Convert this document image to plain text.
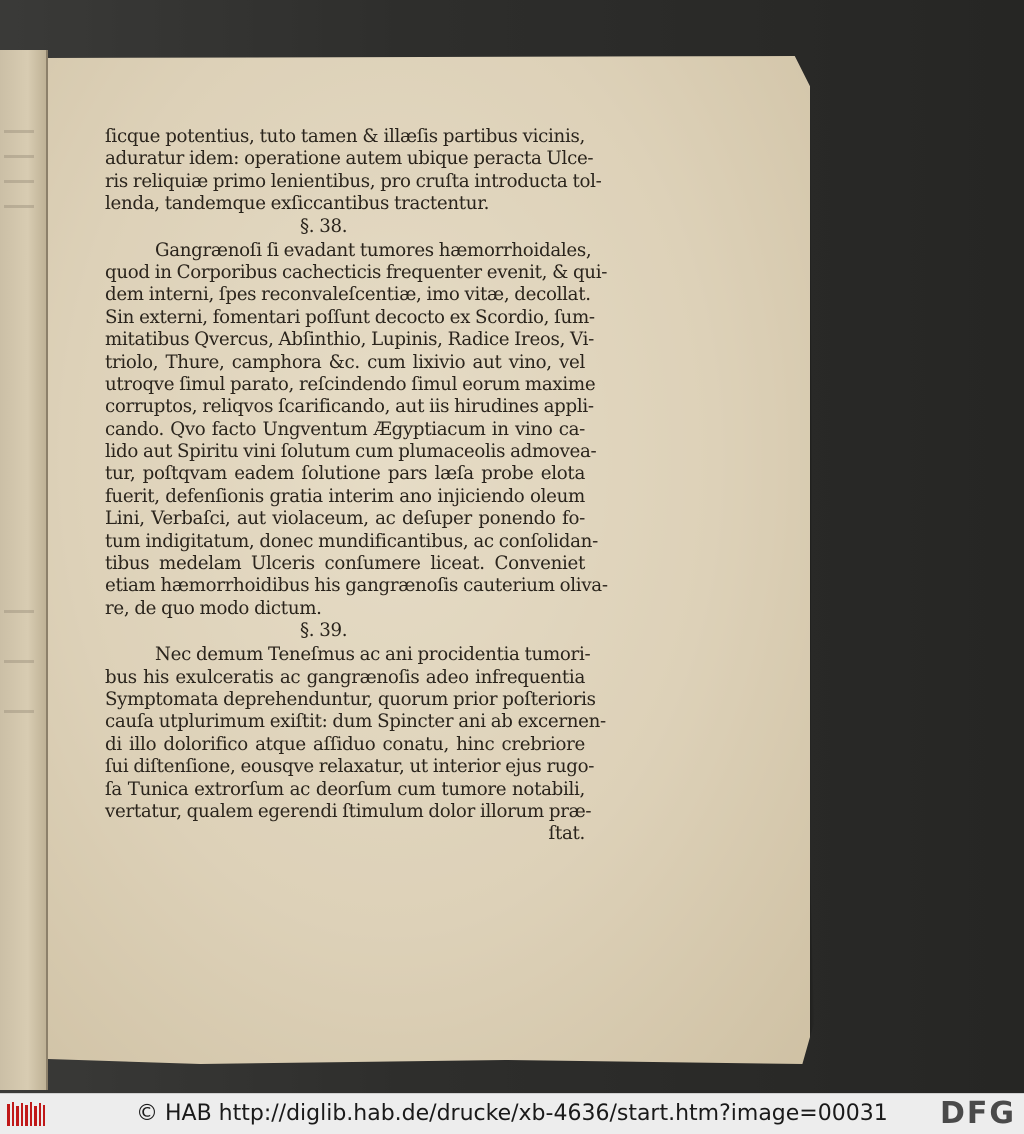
ſicque potentius, tuto tamen & illæſis partibus vicinis,
aduratur idem: operatione autem ubique peracta Ulce-
ris reliquiæ primo lenientibus, pro cruſta introducta tol-
lenda, tandemque exſiccantibus tractentur.
§. 38.
Gangrænoſi ſi evadant tumores hæmorrhoidales,
quod in Corporibus cachecticis frequenter evenit, & qui-
dem interni, ſpes reconvaleſcentiæ, imo vitæ, decollat.
Sin externi, fomentari poſſunt decocto ex Scordio, ſum-
mitatibus Qvercus, Abſinthio, Lupinis, Radice Ireos, Vi-
triolo, Thure, camphora &c. cum lixivio aut vino, vel
utroqve ſimul parato, reſcindendo ſimul eorum maxime
corruptos, reliqvos ſcarificando, aut iis hirudines appli-
cando. Qvo facto Ungventum Ægyptiacum in vino ca-
lido aut Spiritu vini ſolutum cum plumaceolis admovea-
tur, poſtqvam eadem ſolutione pars læſa probe elota
fuerit, defenſionis gratia interim ano injiciendo oleum
Lini, Verbaſci, aut violaceum, ac deſuper ponendo fo-
tum indigitatum, donec mundificantibus, ac conſolidan-
tibus medelam Ulceris conſumere liceat. Conveniet
etiam hæmorrhoidibus his gangrænoſis cauterium oliva-
re, de quo modo dictum.
§. 39.
Nec demum Teneſmus ac ani procidentia tumori-
bus his exulceratis ac gangrænoſis adeo infrequentia
Symptomata deprehenduntur, quorum prior poſterioris
cauſa utplurimum exiſtit: dum Spincter ani ab excernen-
di illo dolorifico atque aſſiduo conatu, hinc crebriore
ſui diſtenſione, eousqve relaxatur, ut interior ejus rugo-
ſa Tunica extrorſum ac deorſum cum tumore notabili,
vertatur, qualem egerendi ſtimulum dolor illorum præ-
ſtat.
© HAB http://diglib.hab.de/drucke/xb-4636/start.htm?image=00031 DFG
